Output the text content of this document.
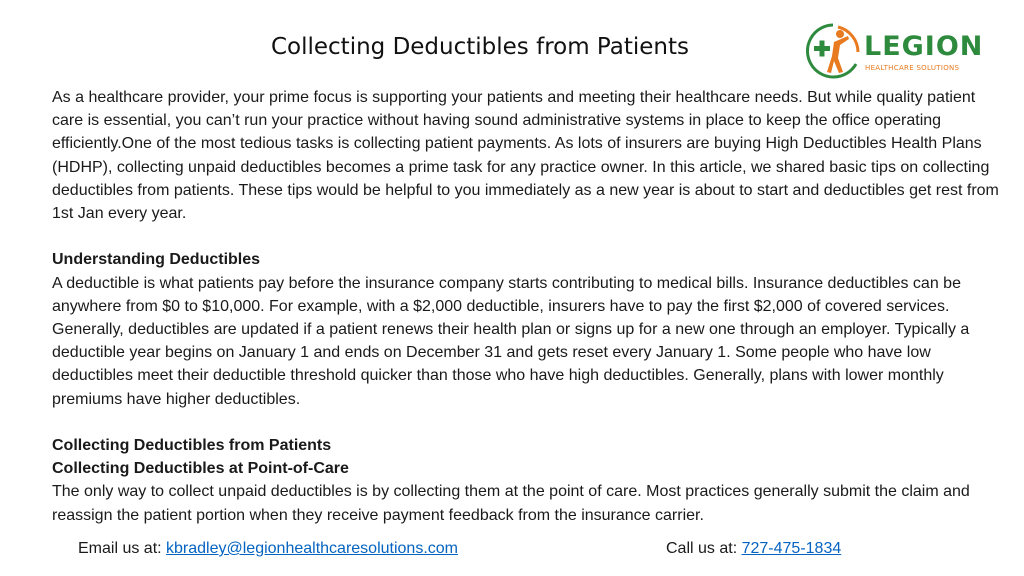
Collecting Deductibles from Patients	LEGION
HEALTHCARE SOLUTIONS

As a healthcare provider, your prime focus is supporting your patients and meeting their healthcare needs. But while quality patient care is essential, you can’t run your practice without having sound administrative systems in place to keep the office operating efficiently.One of the most tedious tasks is collecting patient payments. As lots of insurers are buying High Deductibles Health Plans (HDHP), collecting unpaid deductibles becomes a prime task for any practice owner. In this article, we shared basic tips on collecting deductibles from patients. These tips would be helpful to you immediately as a new year is about to start and deductibles get rest from 1st Jan every year.

Understanding Deductibles

A deductible is what patients pay before the insurance company starts contributing to medical bills. Insurance deductibles can be anywhere from $0 to $10,000. For example, with a $2,000 deductible, insurers have to pay the first $2,000 of covered services. Generally, deductibles are updated if a patient renews their health plan or signs up for a new one through an employer. Typically a deductible year begins on January 1 and ends on December 31 and gets reset every January 1. Some people who have low deductibles meet their deductible threshold quicker than those who have high deductibles. Generally, plans with lower monthly premiums have higher deductibles.

Collecting Deductibles from Patients

Collecting Deductibles at Point-of-Care

The only way to collect unpaid deductibles is by collecting them at the point of care. Most practices generally submit the claim and reassign the patient portion when they receive payment feedback from the insurance carrier.

Email us at: kbradley@legionhealthcaresolutions.com	Call us at: 727-475-1834
